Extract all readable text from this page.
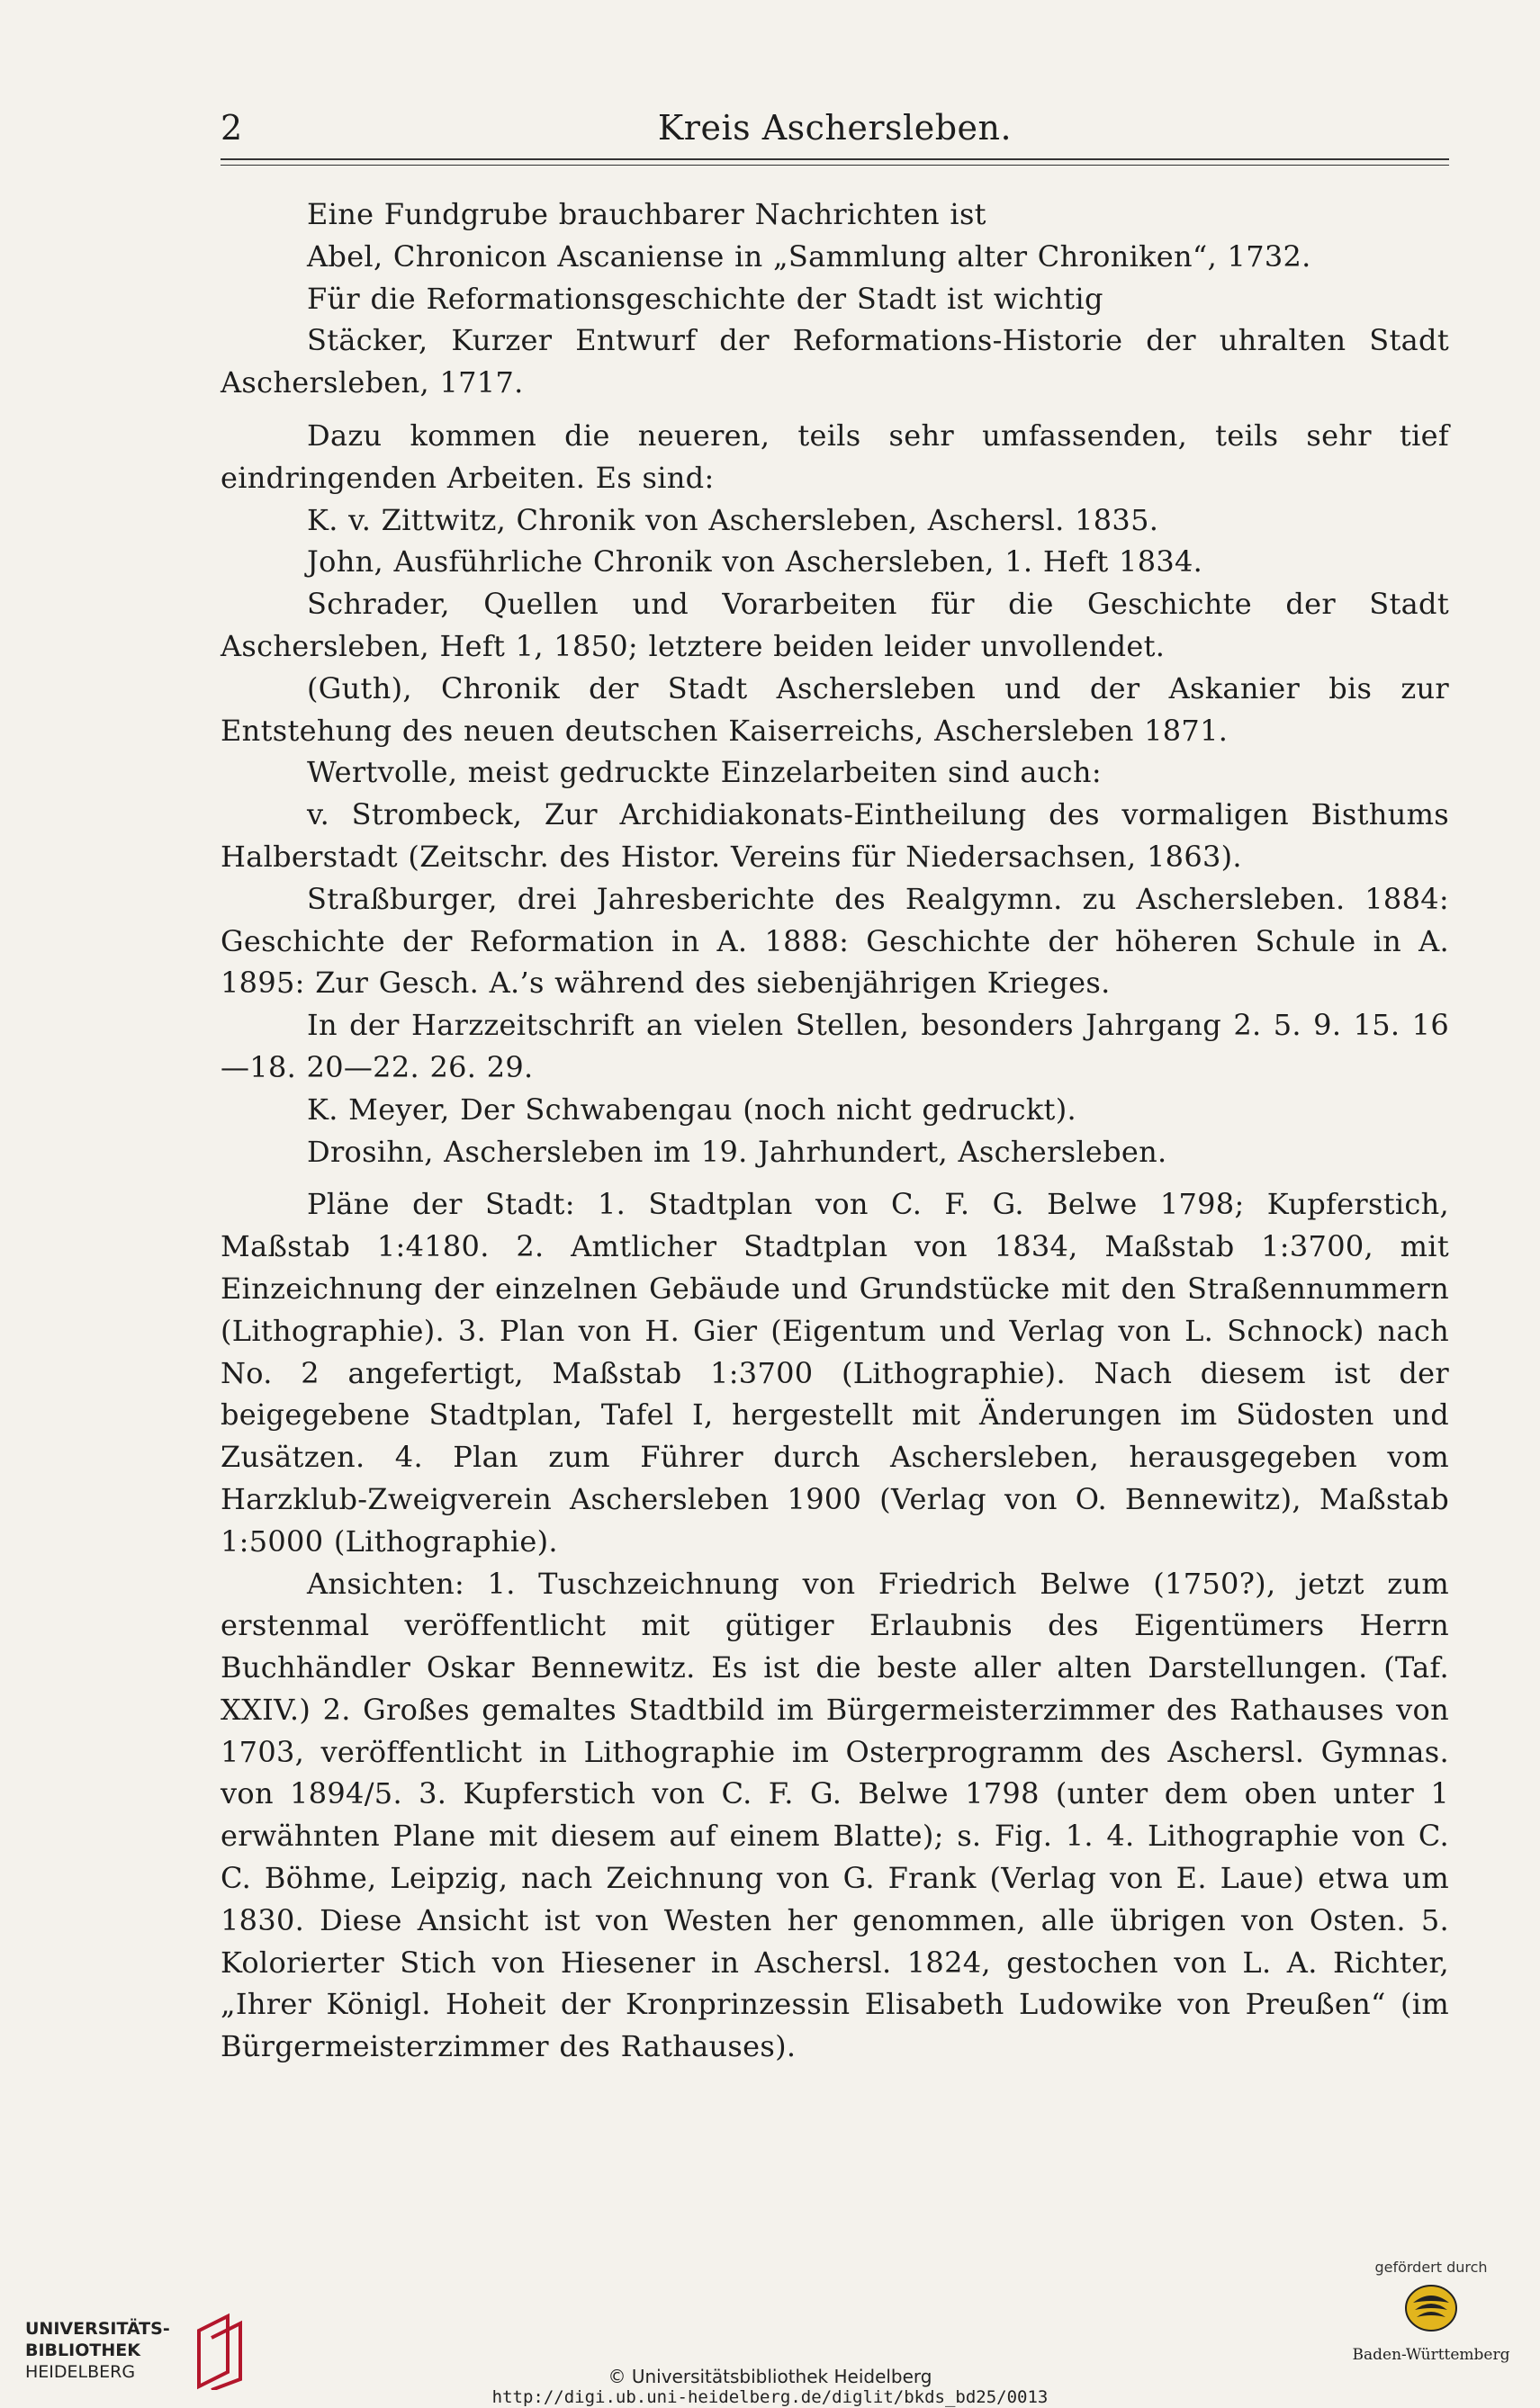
2	Kreis Aschersleben.

Eine Fundgrube brauchbarer Nachrichten ist

Abel, Chronicon Ascaniense in „Sammlung alter Chroniken“, 1732.

Für die Reformationsgeschichte der Stadt ist wichtig

Stäcker, Kurzer Entwurf der Reformations-Historie der uhralten Stadt Aschersleben, 1717.

Dazu kommen die neueren, teils sehr umfassenden, teils sehr tief eindringenden Arbeiten. Es sind:

K. v. Zittwitz, Chronik von Aschersleben, Aschersl. 1835.

John, Ausführliche Chronik von Aschersleben, 1. Heft 1834.

Schrader, Quellen und Vorarbeiten für die Geschichte der Stadt Aschersleben, Heft 1, 1850; letztere beiden leider unvollendet.

(Guth), Chronik der Stadt Aschersleben und der Askanier bis zur Entstehung des neuen deutschen Kaiserreichs, Aschersleben 1871.

Wertvolle, meist gedruckte Einzelarbeiten sind auch:

v. Strombeck, Zur Archidiakonats-Eintheilung des vormaligen Bisthums Halberstadt (Zeitschr. des Histor. Vereins für Niedersachsen, 1863).

Straßburger, drei Jahresberichte des Realgymn. zu Aschersleben. 1884: Geschichte der Reformation in A. 1888: Geschichte der höheren Schule in A. 1895: Zur Gesch. A.’s während des siebenjährigen Krieges.

In der Harzzeitschrift an vielen Stellen, besonders Jahrgang 2. 5. 9. 15. 16—18. 20—22. 26. 29.

K. Meyer, Der Schwabengau (noch nicht gedruckt).

Drosihn, Aschersleben im 19. Jahrhundert, Aschersleben.

Pläne der Stadt: 1. Stadtplan von C. F. G. Belwe 1798; Kupferstich, Maßstab 1:4180. 2. Amtlicher Stadtplan von 1834, Maßstab 1:3700, mit Einzeichnung der einzelnen Gebäude und Grundstücke mit den Straßennummern (Lithographie). 3. Plan von H. Gier (Eigentum und Verlag von L. Schnock) nach No. 2 angefertigt, Maßstab 1:3700 (Lithographie). Nach diesem ist der beigegebene Stadtplan, Tafel I, hergestellt mit Änderungen im Südosten und Zusätzen. 4. Plan zum Führer durch Aschersleben, herausgegeben vom Harzklub-Zweigverein Aschersleben 1900 (Verlag von O. Bennewitz), Maßstab 1:5000 (Lithographie).

Ansichten: 1. Tuschzeichnung von Friedrich Belwe (1750?), jetzt zum erstenmal veröffentlicht mit gütiger Erlaubnis des Eigentümers Herrn Buchhändler Oskar Bennewitz. Es ist die beste aller alten Darstellungen. (Taf. XXIV.) 2. Großes gemaltes Stadtbild im Bürgermeisterzimmer des Rathauses von 1703, veröffentlicht in Lithographie im Osterprogramm des Aschersl. Gymnas. von 1894/5. 3. Kupferstich von C. F. G. Belwe 1798 (unter dem oben unter 1 erwähnten Plane mit diesem auf einem Blatte); s. Fig. 1. 4. Lithographie von C. C. Böhme, Leipzig, nach Zeichnung von G. Frank (Verlag von E. Laue) etwa um 1830. Diese Ansicht ist von Westen her genommen, alle übrigen von Osten. 5. Kolorierter Stich von Hiesener in Aschersl. 1824, gestochen von L. A. Richter, „Ihrer Königl. Hoheit der Kronprinzessin Elisabeth Ludowike von Preußen“ (im Bürgermeisterzimmer des Rathauses).

UNIVERSITÄTS-
BIBLIOTHEK
HEIDELBERG	© Universitätsbibliothek Heidelberg
http://digi.ub.uni-heidelberg.de/diglit/bkds_bd25/0013
gefördert durch
Baden-Württemberg
